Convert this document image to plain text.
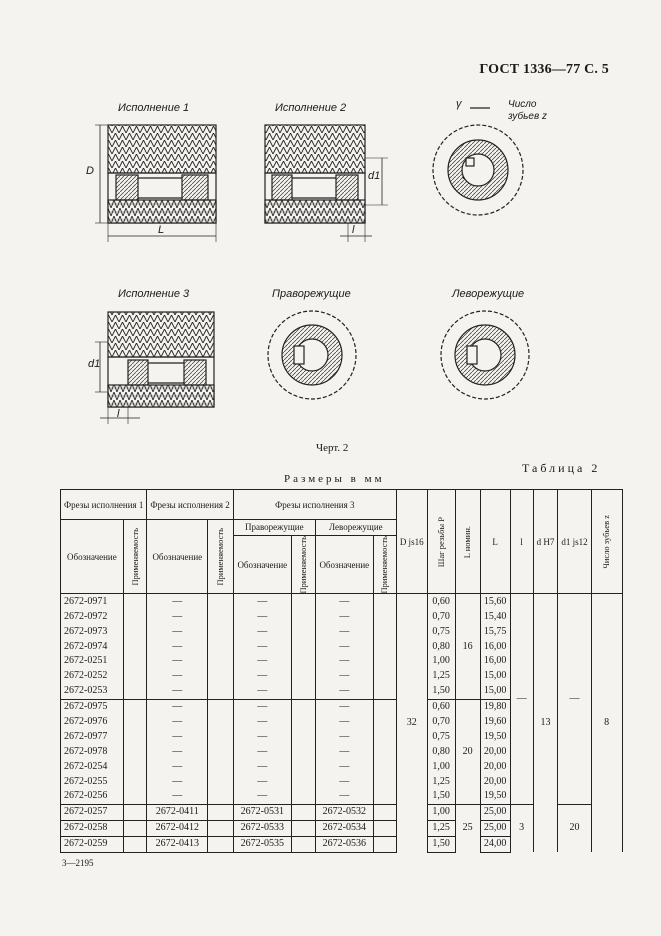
ГОСТ 1336—77 С. 5
Исполнение 1	Исполнение 2
Исполнение 3	Праворежущие	Леворежущие
Число
зубьев z
D
L
d1
l
d1
l
γ
Черт. 2
Размеры в мм
Таблица 2
Фрезы исполнения 1		Фрезы исполнения 2		Фрезы исполнения 3				D js16	Шаг резьбы P	L номин.	L	l	d H7	d1 js12	Число зубьев z

Обозначение	Применяемость	Обозначение	Применяемость	Праворежущие		Леворежущие									
				Обозначение	Применяемость	Обозначение	Применяемость								

2672-0971		—		—		—		32	0,60	16	15,60	—	13	—	8
2672-0972		—		—		—			0,70		15,40				
2672-0973		—		—		—			0,75		15,75				
2672-0974		—		—		—			0,80		16,00				
2672-0251		—		—		—			1,00		16,00				
2672-0252		—		—		—			1,25		15,00				
2672-0253		—		—		—			1,50		15,00				
2672-0975		—		—		—			0,60	20	19,80				
2672-0976		—		—		—			0,70		19,60				
2672-0977		—		—		—			0,75		19,50				
2672-0978		—		—		—			0,80		20,00				
2672-0254		—		—		—			1,00		20,00				
2672-0255		—		—		—			1,25		20,00				
2672-0256		—		—		—			1,50		19,50				
2672-0257		2672-0411		2672-0531		2672-0532			1,00	25	25,00	3		20	
2672-0258		2672-0412		2672-0533		2672-0534			1,25		25,00				
2672-0259		2672-0413		2672-0535		2672-0536			1,50		24,00				
3—2195
